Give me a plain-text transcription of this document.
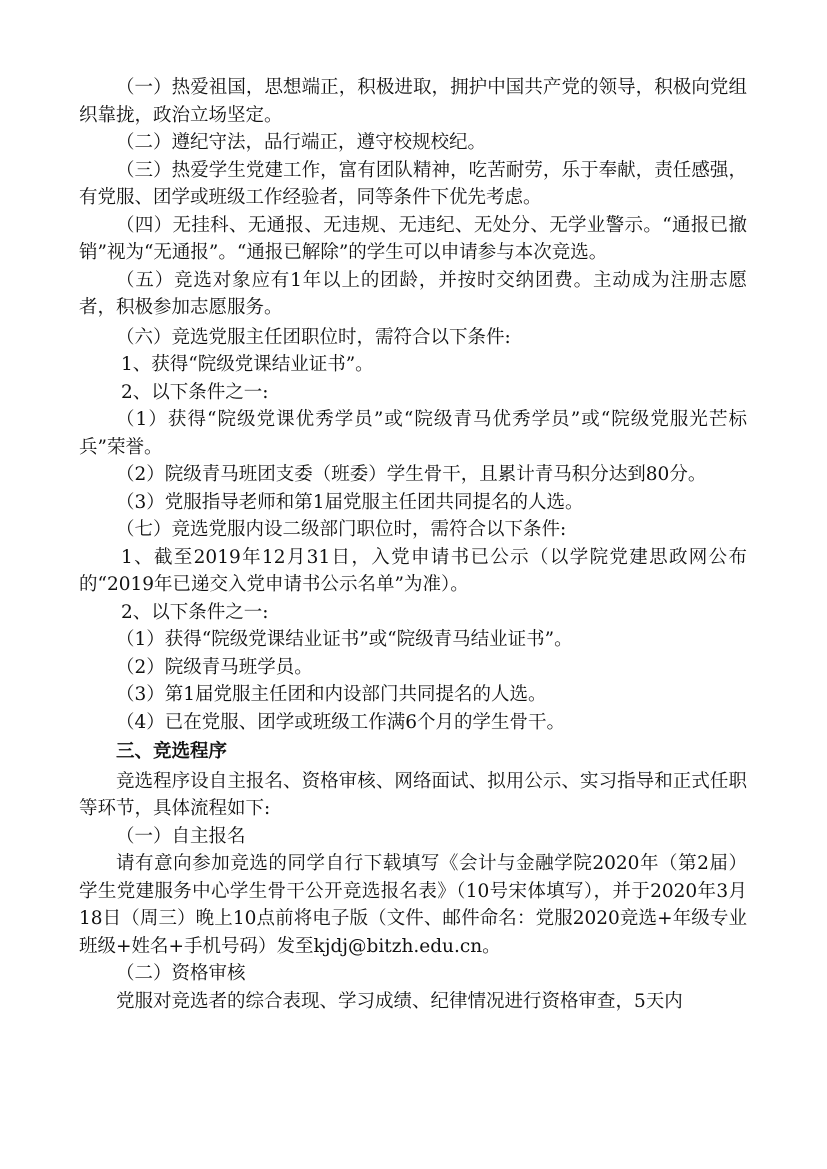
（一）热爱祖国，思想端正，积极进取，拥护中国共产党的领导，积极向党组织靠拢，政治立场坚定。

（二）遵纪守法，品行端正，遵守校规校纪。

（三）热爱学生党建工作，富有团队精神，吃苦耐劳，乐于奉献，责任感强，有党服、团学或班级工作经验者，同等条件下优先考虑。

（四）无挂科、无通报、无违规、无违纪、无处分、无学业警示。“通报已撤销”视为“无通报”。“通报已解除”的学生可以申请参与本次竞选。

（五）竞选对象应有1年以上的团龄，并按时交纳团费。主动成为注册志愿者，积极参加志愿服务。

（六）竞选党服主任团职位时，需符合以下条件:

1、获得“院级党课结业证书”。

2、以下条件之一:

（1）获得“院级党课优秀学员”或“院级青马优秀学员”或“院级党服光芒标兵”荣誉。

（2）院级青马班团支委（班委）学生骨干，且累计青马积分达到80分。

（3）党服指导老师和第1届党服主任团共同提名的人选。

（七）竞选党服内设二级部门职位时，需符合以下条件:

1、截至2019年12月31日，入党申请书已公示（以学院党建思政网公布的“2019年已递交入党申请书公示名单”为准）。

2、以下条件之一:

（1）获得“院级党课结业证书”或“院级青马结业证书”。

（2）院级青马班学员。

（3）第1届党服主任团和内设部门共同提名的人选。

（4）已在党服、团学或班级工作满6个月的学生骨干。

三、竞选程序

竞选程序设自主报名、资格审核、网络面试、拟用公示、实习指导和正式任职等环节，具体流程如下:

（一）自主报名

请有意向参加竞选的同学自行下载填写《会计与金融学院2020年（第2届）学生党建服务中心学生骨干公开竞选报名表》（10号宋体填写），并于2020年3月18日（周三）晚上10点前将电子版（文件、邮件命名：党服2020竞选+年级专业班级+姓名+手机号码）发至kjdj@bitzh.edu.cn。

（二）资格审核

党服对竞选者的综合表现、学习成绩、纪律情况进行资格审查，5天内
